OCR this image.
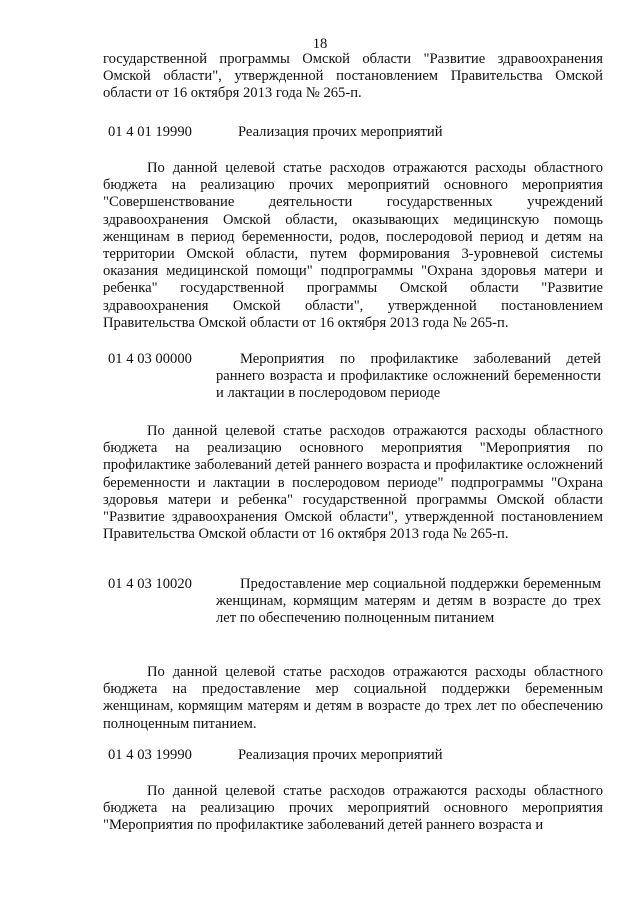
18
государственной программы Омской области "Развитие здравоохранения Омской области", утвержденной постановлением Правительства Омской области от 16 октября 2013 года № 265-п.
01 4 01 19990	Реализация прочих мероприятий
По данной целевой статье расходов отражаются расходы областного бюджета на реализацию прочих мероприятий основного мероприятия "Совершенствование деятельности государственных учреждений здравоохранения Омской области, оказывающих медицинскую помощь женщинам в период беременности, родов, послеродовой период и детям на территории Омской области, путем формирования 3-уровневой системы оказания медицинской помощи" подпрограммы "Охрана здоровья матери и ребенка" государственной программы Омской области "Развитие здравоохранения Омской области", утвержденной постановлением Правительства Омской области от 16 октября 2013 года № 265-п.
01 4 03 00000	Мероприятия по профилактике заболеваний детей раннего возраста и профилактике осложнений беременности и лактации в послеродовом периоде
По данной целевой статье расходов отражаются расходы областного бюджета на реализацию основного мероприятия "Мероприятия по профилактике заболеваний детей раннего возраста и профилактике осложнений беременности и лактации в послеродовом периоде" подпрограммы "Охрана здоровья матери и ребенка" государственной программы Омской области "Развитие здравоохранения Омской области", утвержденной постановлением Правительства Омской области от 16 октября 2013 года № 265-п.
01 4 03 10020	Предоставление мер социальной поддержки беременным женщинам, кормящим матерям и детям в возрасте до трех лет по обеспечению полноценным питанием
По данной целевой статье расходов отражаются расходы областного бюджета на предоставление мер социальной поддержки беременным женщинам, кормящим матерям и детям в возрасте до трех лет по обеспечению полноценным питанием.
01 4 03 19990	Реализация прочих мероприятий
По данной целевой статье расходов отражаются расходы областного бюджета на реализацию прочих мероприятий основного мероприятия "Мероприятия по профилактике заболеваний детей раннего возраста и
